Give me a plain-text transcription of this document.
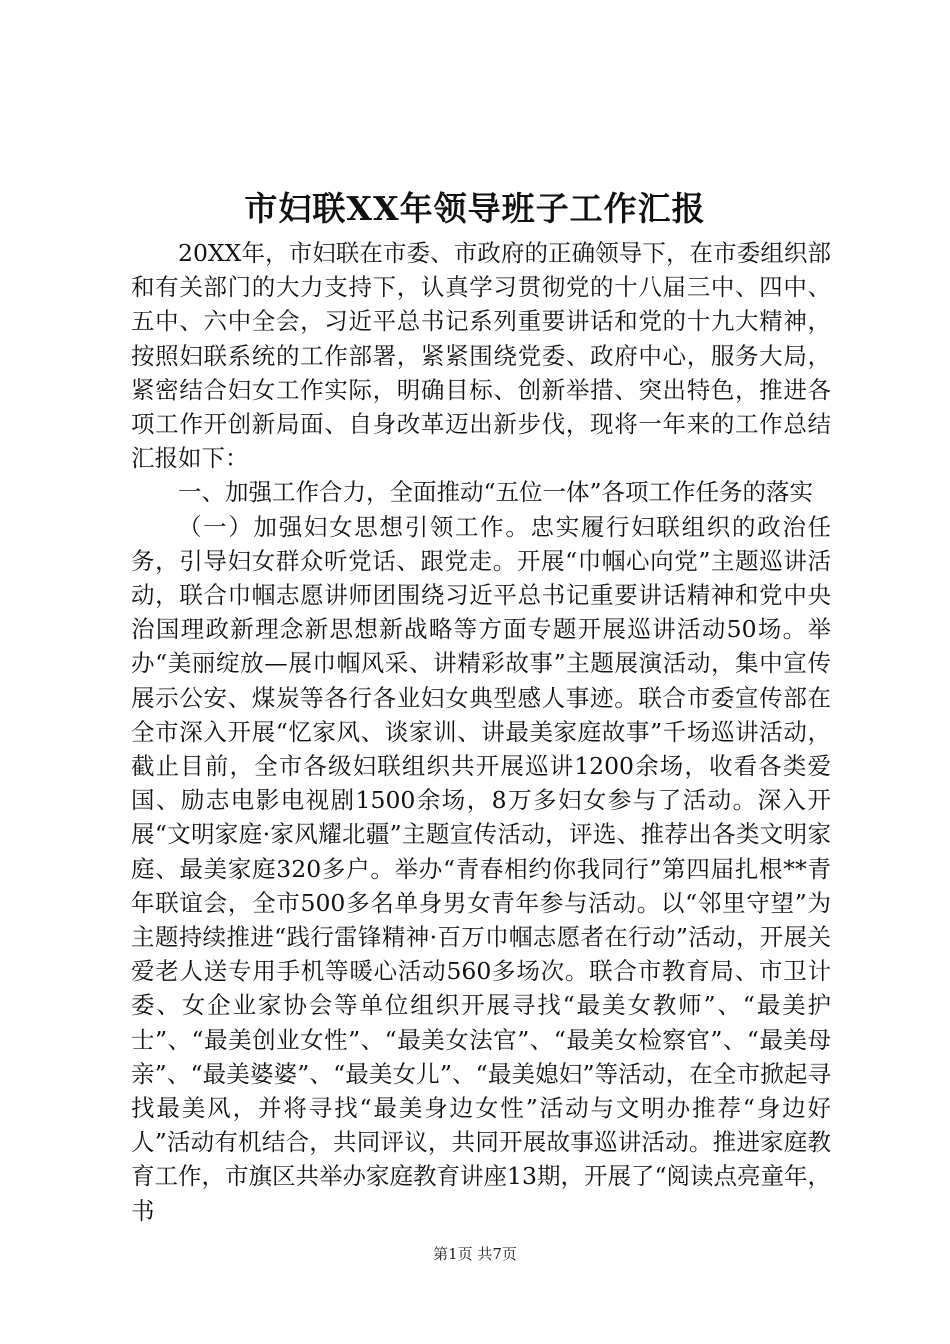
市妇联XX年领导班子工作汇报

20XX年，市妇联在市委、市政府的正确领导下，在市委组织部和有关部门的大力支持下，认真学习贯彻党的十八届三中、四中、五中、六中全会，习近平总书记系列重要讲话和党的十九大精神，按照妇联系统的工作部署，紧紧围绕党委、政府中心，服务大局，紧密结合妇女工作实际，明确目标、创新举措、突出特色，推进各项工作开创新局面、自身改革迈出新步伐，现将一年来的工作总结汇报如下：

一、加强工作合力，全面推动“五位一体”各项工作任务的落实

（一）加强妇女思想引领工作。忠实履行妇联组织的政治任务，引导妇女群众听党话、跟党走。开展“巾帼心向党”主题巡讲活动，联合巾帼志愿讲师团围绕习近平总书记重要讲话精神和党中央治国理政新理念新思想新战略等方面专题开展巡讲活动50场。举办“美丽绽放—展巾帼风采、讲精彩故事”主题展演活动，集中宣传展示公安、煤炭等各行各业妇女典型感人事迹。联合市委宣传部在全市深入开展“忆家风、谈家训、讲最美家庭故事”千场巡讲活动，截止目前，全市各级妇联组织共开展巡讲1200余场，收看各类爱国、励志电影电视剧1500余场，8万多妇女参与了活动。深入开展“文明家庭·家风耀北疆”主题宣传活动，评选、推荐出各类文明家庭、最美家庭320多户。举办“青春相约你我同行”第四届扎根**青年联谊会，全市500多名单身男女青年参与活动。以“邻里守望”为主题持续推进“践行雷锋精神·百万巾帼志愿者在行动”活动，开展关爱老人送专用手机等暖心活动560多场次。联合市教育局、市卫计委、女企业家协会等单位组织开展寻找“最美女教师”、“最美护士”、“最美创业女性”、“最美女法官”、“最美女检察官”、“最美母亲”、“最美婆婆”、“最美女儿”、“最美媳妇”等活动，在全市掀起寻找最美风，并将寻找“最美身边女性”活动与文明办推荐“身边好人”活动有机结合，共同评议，共同开展故事巡讲活动。推进家庭教育工作，市旗区共举办家庭教育讲座13期，开展了“阅读点亮童年，书

第1页 共7页
